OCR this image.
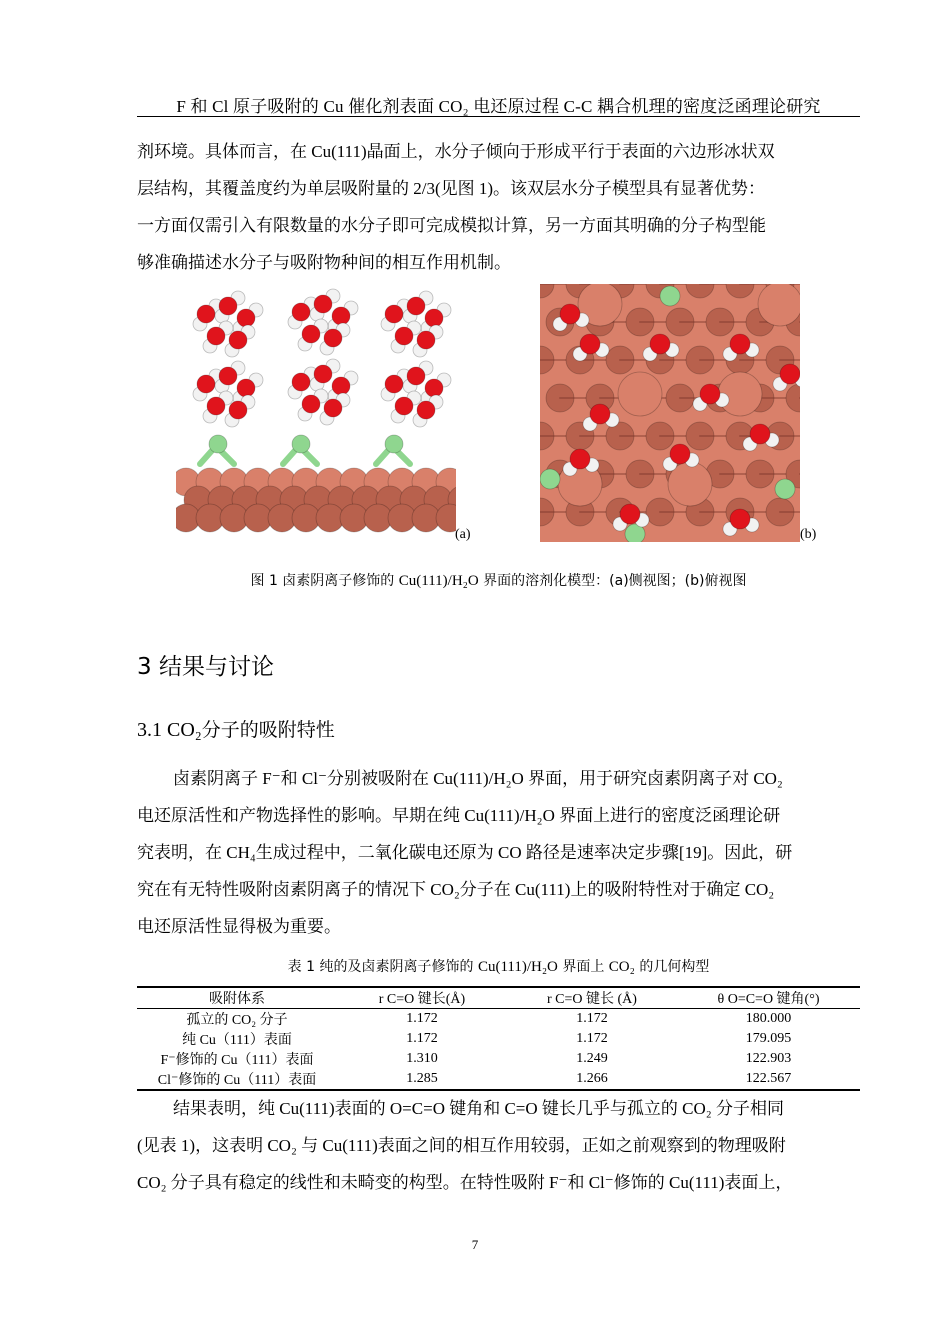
F 和 Cl 原子吸附的 Cu 催化剂表面 CO₂ 电还原过程 C-C 耦合机理的密度泛函理论研究
剂环境。具体而言，在 Cu(111)晶面上，水分子倾向于形成平行于表面的六边形冰状双
层结构，其覆盖度约为单层吸附量的 2/3(见图 1)。该双层水分子模型具有显著优势：
一方面仅需引入有限数量的水分子即可完成模拟计算，另一方面其明确的分子构型能
够准确描述水分子与吸附物种间的相互作用机制。
(a)	(b)
图 1 卤素阴离子修饰的 Cu(111)/H₂O 界面的溶剂化模型：(a)侧视图；(b)俯视图
3 结果与讨论
3.1 CO₂分子的吸附特性
卤素阴离子 F⁻和 Cl⁻分别被吸附在 Cu(111)/H₂O 界面，用于研究卤素阴离子对 CO₂
电还原活性和产物选择性的影响。早期在纯 Cu(111)/H₂O 界面上进行的密度泛函理论研
究表明，在 CH₄生成过程中，二氧化碳电还原为 CO 路径是速率决定步骤[19]。因此，研
究在有无特性吸附卤素阴离子的情况下 CO₂分子在 Cu(111)上的吸附特性对于确定 CO₂
电还原活性显得极为重要。
表 1 纯的及卤素阴离子修饰的 Cu(111)/H₂O 界面上 CO₂ 的几何构型
吸附体系	r C=O 键长(Å)	r C=O 键长 (Å)	θ O=C=O 键角(°)
孤立的 CO₂ 分子	1.172	1.172	180.000
纯 Cu（111）表面	1.172	1.172	179.095
F⁻修饰的 Cu（111）表面	1.310	1.249	122.903
Cl⁻修饰的 Cu（111）表面	1.285	1.266	122.567
结果表明，纯 Cu(111)表面的 O=C=O 键角和 C=O 键长几乎与孤立的 CO₂ 分子相同
(见表 1)，这表明 CO₂ 与 Cu(111)表面之间的相互作用较弱，正如之前观察到的物理吸附
CO₂ 分子具有稳定的线性和未畸变的构型。在特性吸附 F⁻和 Cl⁻修饰的 Cu(111)表面上，
7
